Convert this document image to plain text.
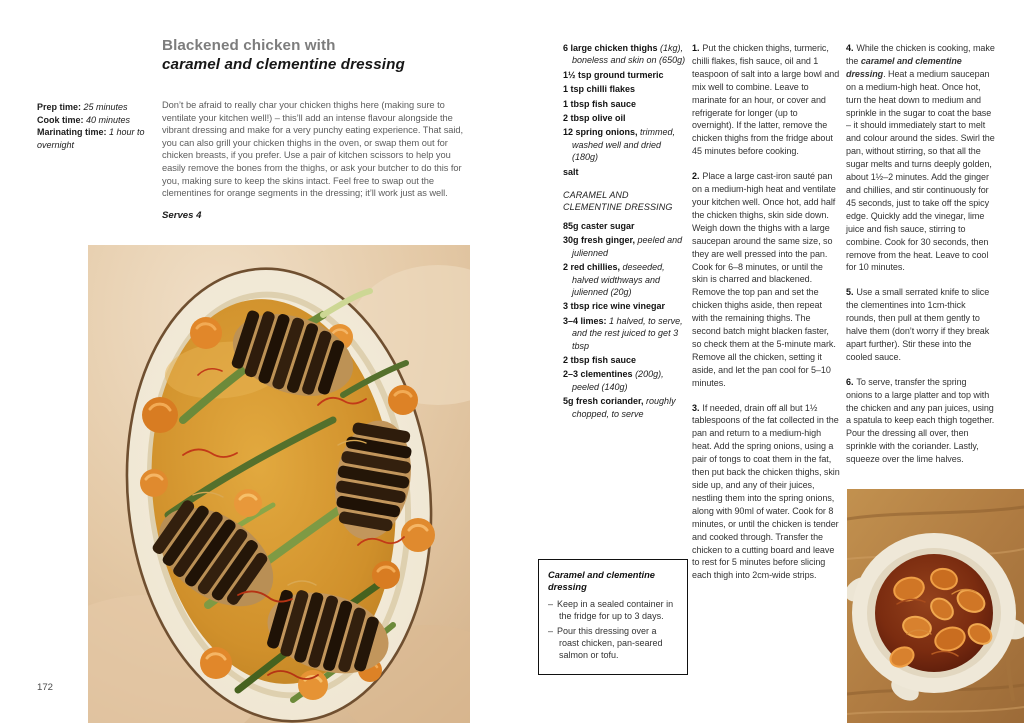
Prep time: 25 minutes

Cook time: 40 minutes

Marinating time: 1 hour to overnight

Blackened chicken with
caramel and clementine dressing

Don’t be afraid to really char your chicken thighs here (making sure to ventilate your kitchen well!) – this’ll add an intense flavour alongside the vibrant dressing and make for a very punchy eating experience. That said, you can also grill your chicken thighs in the oven, or swap them out for chicken breasts, if you prefer. Use a pair of kitchen scissors to help you easily remove the bones from the thighs, or ask your butcher to do this for you, making sure to keep the skins intact. Feel free to swap out the clementines for orange segments in the dressing; it’ll work just as well.

Serves 4

6 large chicken thighs (1kg), boneless and skin on (650g)

1½ tsp ground turmeric

1 tsp chilli flakes

1 tbsp fish sauce

2 tbsp olive oil

12 spring onions, trimmed, washed well and dried (180g)

salt

CARAMEL AND CLEMENTINE DRESSING

85g caster sugar

30g fresh ginger, peeled and julienned

2 red chillies, deseeded, halved widthways and julienned (20g)

3 tbsp rice wine vinegar

3–4 limes: 1 halved, to serve, and the rest juiced to get 3 tbsp

2 tbsp fish sauce

2–3 clementines (200g), peeled (140g)

5g fresh coriander, roughly chopped, to serve

1. Put the chicken thighs, turmeric, chilli flakes, fish sauce, oil and 1 teaspoon of salt into a large bowl and mix well to combine. Leave to marinate for an hour, or cover and refrigerate for longer (up to overnight). If the latter, remove the chicken thighs from the fridge about 45 minutes before cooking.

2. Place a large cast-iron sauté pan on a medium-high heat and ventilate your kitchen well. Once hot, add half the chicken thighs, skin side down. Weigh down the thighs with a large saucepan around the same size, so they are well pressed into the pan. Cook for 6–8 minutes, or until the skin is charred and blackened. Remove the top pan and set the chicken thighs aside, then repeat with the remaining thighs. The second batch might blacken faster, so check them at the 5-minute mark. Remove all the chicken, setting it aside, and let the pan cool for 5–10 minutes.

3. If needed, drain off all but 1½ tablespoons of the fat collected in the pan and return to a medium-high heat. Add the spring onions, using a pair of tongs to coat them in the fat, then put back the chicken thighs, skin side up, and any of their juices, nestling them into the spring onions, along with 90ml of water. Cook for 8 minutes, or until the chicken is tender and cooked through. Transfer the chicken to a cutting board and leave to rest for 5 minutes before slicing each thigh into 2cm-wide strips.

4. While the chicken is cooking, make the caramel and clementine dressing. Heat a medium saucepan on a medium-high heat. Once hot, turn the heat down to medium and sprinkle in the sugar to coat the base – it should immediately start to melt and colour around the sides. Swirl the pan, without stirring, so that all the sugar melts and turns deeply golden, about 1½–2 minutes. Add the ginger and chillies, and stir continuously for 45 seconds, just to take off the spicy edge. Quickly add the vinegar, lime juice and fish sauce, stirring to combine. Cook for 30 seconds, then remove from the heat. Leave to cool for 10 minutes.

5. Use a small serrated knife to slice the clementines into 1cm-thick rounds, then pull at them gently to halve them (don’t worry if they break apart further). Stir these into the cooled sauce.

6. To serve, transfer the spring onions to a large platter and top with the chicken and any pan juices, using a spatula to keep each thigh together. Pour the dressing all over, then sprinkle with the coriander. Lastly, squeeze over the lime halves.

Caramel and clementine dressing

– Keep in a sealed container in the fridge for up to 3 days.

– Pour this dressing over a roast chicken, pan-seared salmon or tofu.

172
